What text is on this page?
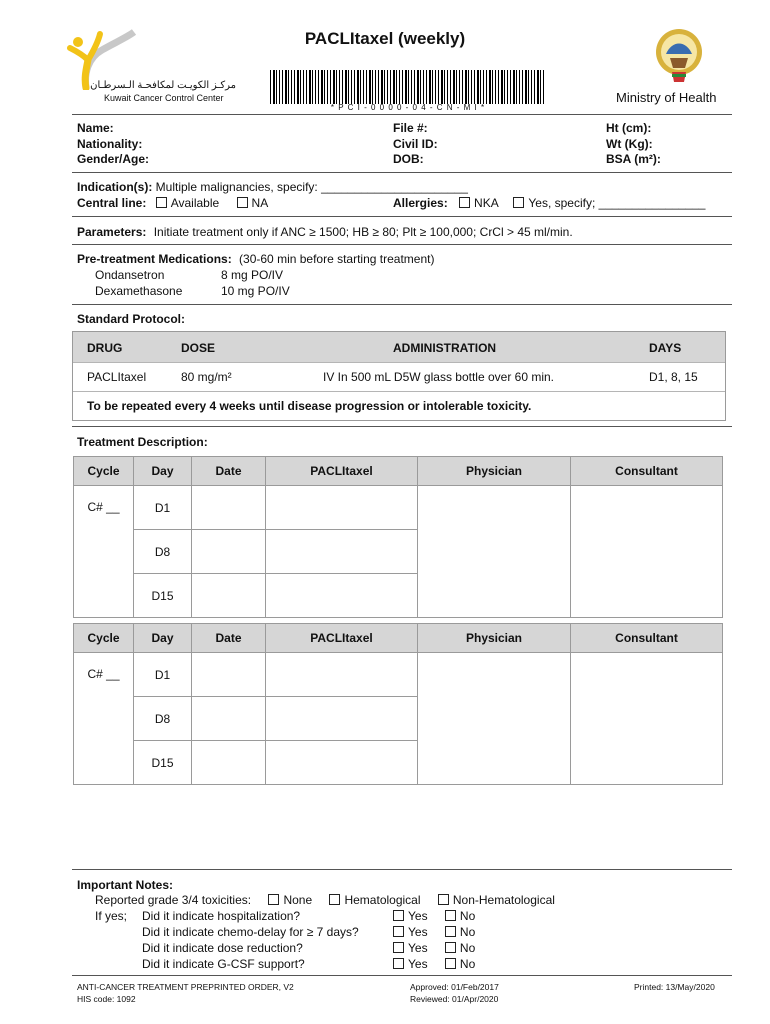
مركـز الكويـت لمكافحـة الـسرطـان
Kuwait Cancer Control Center
PACLItaxel (weekly)
* P C I - 0 0 0 0 - 0 4 - C N - M I *
Ministry of Health
Name:
Nationality:
Gender/Age:
File #:
Civil ID:
DOB:
Ht (cm):
Wt (Kg):
BSA (m²):
Indication(s): Multiple malignancies, specify: ______________________
Central line: Available	NA	Allergies: NKA	Yes, specify; ________________
Parameters: Initiate treatment only if ANC ≥ 1500; HB ≥ 80; Plt ≥ 100,000; CrCl > 45 ml/min.
Pre-treatment Medications: (30-60 min before starting treatment)
Ondansetron	8 mg PO/IV
Dexamethasone	10 mg PO/IV
Standard Protocol:
DRUG	DOSE	ADMINISTRATION	DAYS
PACLItaxel	80 mg/m²	IV In 500 mL D5W glass bottle over 60 min.	D1, 8, 15
To be repeated every 4 weeks until disease progression or intolerable toxicity.
Treatment Description:
Cycle	Day	Date	PACLItaxel	Physician	Consultant
C# __	D1				
	D8				
	D15				
Cycle	Day	Date	PACLItaxel	Physician	Consultant
C# __	D1				
	D8				
	D15				
Important Notes:
Reported grade 3/4 toxicities:	None	Hematological	Non-Hematological
If yes; Did it indicate hospitalization?
Did it indicate chemo-delay for ≥ 7 days?
Did it indicate dose reduction?
Did it indicate G-CSF support?
Yes	No
Yes	No
Yes	No
Yes	No
ANTI-CANCER TREATMENT PREPRINTED ORDER, V2
HIS code: 1092
Approved: 01/Feb/2017
Reviewed: 01/Apr/2020
Printed: 13/May/2020
